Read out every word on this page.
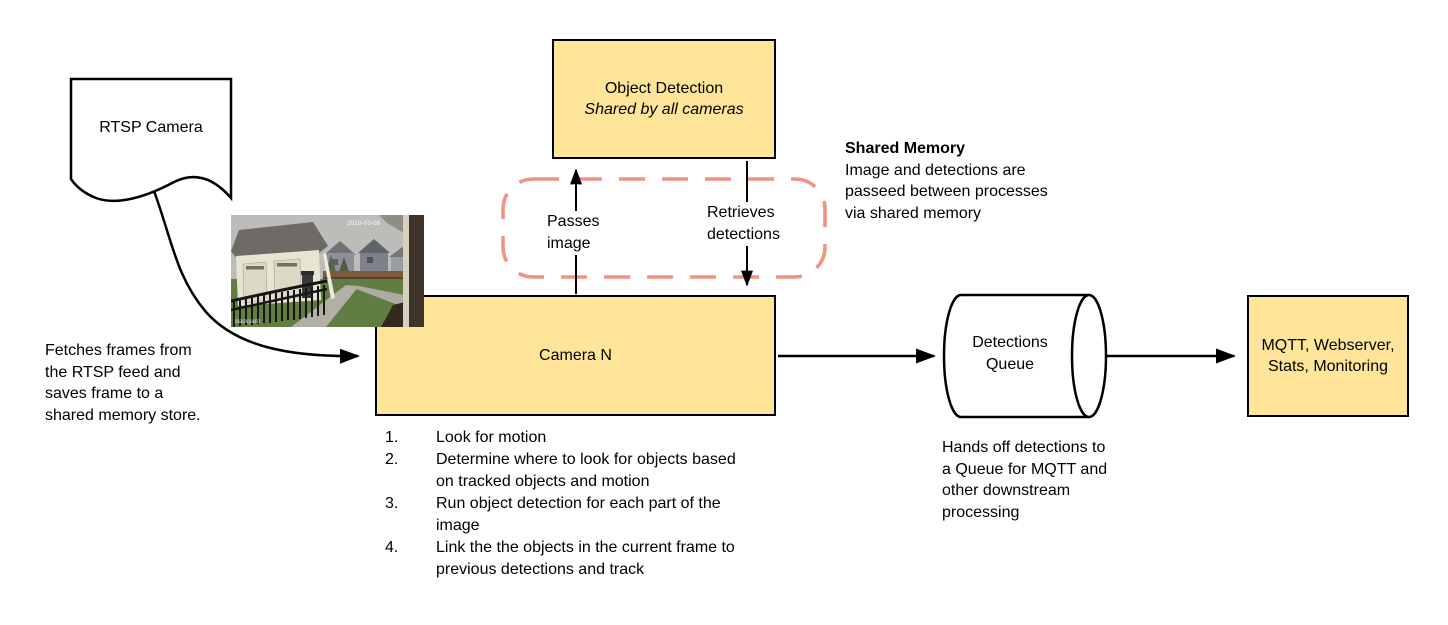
RTSP Camera
Object Detection
Shared by all cameras
Camera N
MQTT, Webserver,
Stats, Monitoring
Detections
Queue
2019-03-06
Backyard
Passes
image
Retrieves
detections
Shared Memory
Image and detections are passeed between processes via shared memory
Fetches frames from the RTSP feed and saves frame to a shared memory store.
Hands off detections to a Queue for MQTT and other downstream processing
1.	Look for motion
2.	Determine where to look for objects based on tracked objects and motion
3.	Run object detection for each part of the image
4.	Link the the objects in the current frame to previous detections and track
